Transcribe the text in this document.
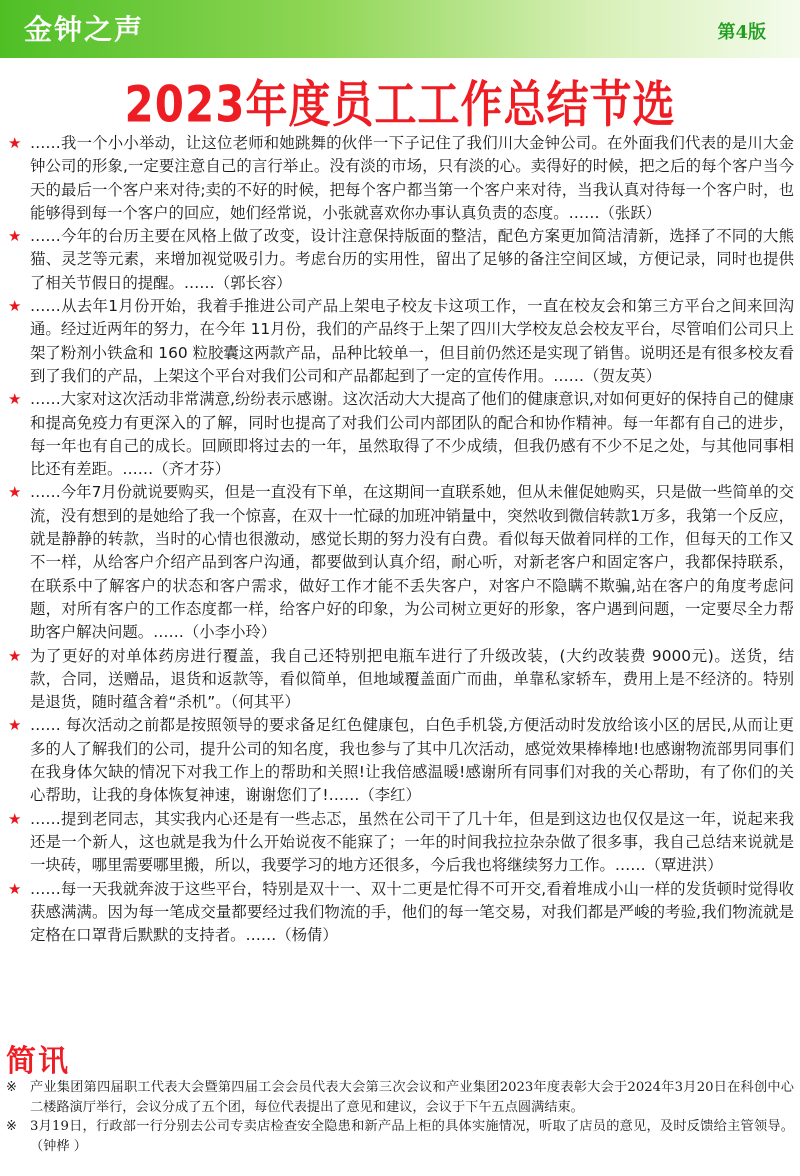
金钟之声	第4版
2023年度员工工作总结节选
★ ……我一个小小举动，让这位老师和她跳舞的伙伴一下子记住了我们川大金钟公司。在外面我们代表的是川大金钟公司的形象,一定要注意自己的言行举止。没有淡的市场，只有淡的心。卖得好的时候，把之后的每个客户当今天的最后一个客户来对待;卖的不好的时候，把每个客户都当第一个客户来对待，当我认真对待每一个客户时，也能够得到每一个客户的回应，她们经常说，小张就喜欢你办事认真负责的态度。……（张跃）
★ ……今年的台历主要在风格上做了改变，设计注意保持版面的整洁，配色方案更加简洁清新，选择了不同的大熊猫、灵芝等元素，来增加视觉吸引力。考虑台历的实用性，留出了足够的备注空间区域，方便记录，同时也提供了相关节假日的提醒。……（郭长容）
★ ……从去年1月份开始，我着手推进公司产品上架电子校友卡这项工作，一直在校友会和第三方平台之间来回沟通。经过近两年的努力，在今年 11月份，我们的产品终于上架了四川大学校友总会校友平台，尽管咱们公司只上架了粉剂小铁盒和 160 粒胶囊这两款产品，品种比较单一，但目前仍然还是实现了销售。说明还是有很多校友看到了我们的产品，上架这个平台对我们公司和产品都起到了一定的宣传作用。……（贺友英）
★ ……大家对这次活动非常满意,纷纷表示感谢。这次活动大大提高了他们的健康意识,对如何更好的保持自己的健康和提高免疫力有更深入的了解，同时也提高了对我们公司内部团队的配合和协作精神。每一年都有自己的进步，每一年也有自己的成长。回顾即将过去的一年，虽然取得了不少成绩，但我仍感有不少不足之处，与其他同事相比还有差距。……（齐才芬）
★ ……今年7月份就说要购买，但是一直没有下单，在这期间一直联系她，但从未催促她购买，只是做一些简单的交流，没有想到的是她给了我一个惊喜，在双十一忙碌的加班冲销量中，突然收到微信转款1万多，我第一个反应，就是静静的转款，当时的心情也很激动，感觉长期的努力没有白费。看似每天做着同样的工作，但每天的工作又不一样，从给客户介绍产品到客户沟通，都要做到认真介绍，耐心听，对新老客户和固定客户，我都保持联系，在联系中了解客户的状态和客户需求，做好工作才能不丢失客户，对客户不隐瞒不欺骗,站在客户的角度考虑问题，对所有客户的工作态度都一样，给客户好的印象，为公司树立更好的形象，客户遇到问题，一定要尽全力帮助客户解决问题。……（小李小玲）
★ 为了更好的对单体药房进行覆盖，我自己还特别把电瓶车进行了升级改装，(大约改装费 9000元)。送货，结款，合同，送赠品，退货和返款等，看似简单，但地域覆盖面广而曲，单靠私家轿车，费用上是不经济的。特别是退货，随时蕴含着“杀机”。（何其平）
★ …… 每次活动之前都是按照领导的要求备足红色健康包，白色手机袋,方便活动时发放给该小区的居民,从而让更多的人了解我们的公司，提升公司的知名度，我也参与了其中几次活动，感觉效果棒棒地!也感谢物流部男同事们在我身体欠缺的情况下对我工作上的帮助和关照!让我倍感温暖!感谢所有同事们对我的关心帮助，有了你们的关心帮助，让我的身体恢复神速，谢谢您们了!……（李红）
★ ……提到老同志，其实我内心还是有一些忐忑，虽然在公司干了几十年，但是到这边也仅仅是这一年，说起来我还是一个新人，这也就是我为什么开始说夜不能寐了；一年的时间我拉拉杂杂做了很多事，我自己总结来说就是一块砖，哪里需要哪里搬，所以，我要学习的地方还很多，今后我也将继续努力工作。……（覃进洪）
★ ……每一天我就奔波于这些平台，特别是双十一、双十二更是忙得不可开交,看着堆成小山一样的发货顿时觉得收获感满满。因为每一笔成交量都要经过我们物流的手，他们的每一笔交易，对我们都是严峻的考验,我们物流就是定格在口罩背后默默的支持者。……（杨倩）
简讯
※ 产业集团第四届职工代表大会暨第四届工会会员代表大会第三次会议和产业集团2023年度表彰大会于2024年3月20日在科创中心二楼路演厅举行，会议分成了五个团，每位代表提出了意见和建议，会议于下午五点圆满结束。
※ 3月19日，行政部一行分别去公司专卖店检查安全隐患和新产品上柜的具体实施情况，听取了店员的意见，及时反馈给主管领导。 （钟桦 ）
